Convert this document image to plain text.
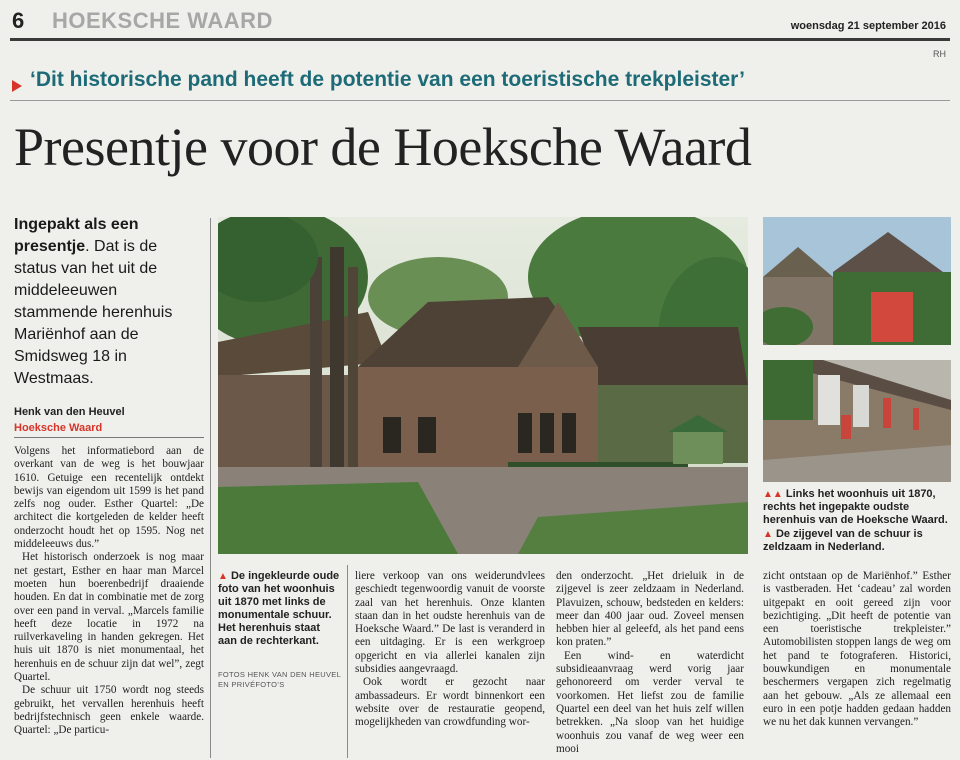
6 HOEKSCHE WAARD	woensdag 21 september 2016
RH
‘Dit historische pand heeft de potentie van een toeristische trekpleister’
Presentje voor de Hoeksche Waard
Ingepakt als een presentje. Dat is de status van het uit de middeleeuwen stammende herenhuis Mariënhof aan de Smidsweg 18 in Westmaas.
Henk van den Heuvel
Hoeksche Waard

Volgens het informatiebord aan de overkant van de weg is het bouwjaar 1610. Getuige een recentelijk ontdekt bewijs van eigendom uit 1599 is het pand zelfs nog ouder. Esther Quartel: „De architect die kortgeleden de kelder heeft onderzocht houdt het op 1595. Nog net middeleeuws dus.”

Het historisch onderzoek is nog maar net gestart, Esther en haar man Marcel moeten hun boerenbedrijf draaiende houden. En dat in combinatie met de zorg over een pand in verval. „Marcels familie heeft deze locatie in 1972 na ruilverkaveling in handen gekregen. Het huis uit 1870 is niet monumentaal, het herenhuis en de schuur zijn dat wel”, zegt Quartel.

De schuur uit 1750 wordt nog steeds gebruikt, het vervallen herenhuis heeft bedrijfstechnisch geen enkele waarde. Quartel: „De particu-

▲▲ Links het woonhuis uit 1870, rechts het ingepakte oudste herenhuis van de Hoeksche Waard.
▲ De zijgevel van de schuur is zeldzaam in Nederland.
▲ De ingekleurde oude foto van het woonhuis uit 1870 met links de monumentale schuur. Het herenhuis staat aan de rechterkant.
FOTOS HENK VAN DEN HEUVEL
EN PRIVÉFOTO’S

liere verkoop van ons weiderundvlees geschiedt tegenwoordig vanuit de voorste zaal van het herenhuis. Onze klanten staan dan in het oudste herenhuis van de Hoeksche Waard.” De last is veranderd in een uitdaging. Er is een werkgroep opgericht en via allerlei kanalen zijn subsidies aangevraagd.

Ook wordt er gezocht naar ambassadeurs. Er wordt binnenkort een website over de restauratie geopend, mogelijkheden van crowdfunding wor-

den onderzocht. „Het drieluik in de zijgevel is zeer zeldzaam in Nederland. Plavuizen, schouw, bedsteden en kelders: meer dan 400 jaar oud. Zoveel mensen hebben hier al geleefd, als het pand eens kon praten.”

Een wind- en waterdicht subsidieaanvraag werd vorig jaar gehonoreerd om verder verval te voorkomen. Het liefst zou de familie Quartel een deel van het huis zelf willen betrekken. „Na sloop van het huidige woonhuis zou vanaf de weg weer een mooi

zicht ontstaan op de Mariënhof.” Esther is vastberaden. Het ‘cadeau’ zal worden uitgepakt en ooit gereed zijn voor bezichtiging. „Dit heeft de potentie van een toeristische trekpleister.” Automobilisten stoppen langs de weg om het pand te fotograferen. Historici, bouwkundigen en monumentale beschermers vergapen zich regelmatig aan het gebouw. „Als ze allemaal een euro in een potje hadden gedaan hadden we nu het dak kunnen vervangen.”
